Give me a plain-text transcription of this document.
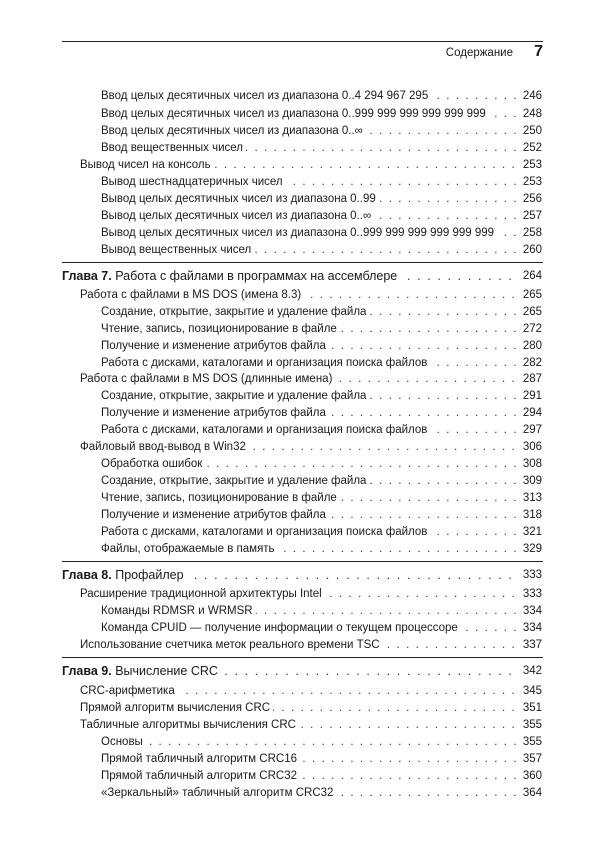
Содержание 7
Ввод целых десятичных чисел из диапазона 0..4 294 967 295 . . .	246
Ввод целых десятичных чисел из диапазона 0..999 999 999 999 999 999 . . .	248
Ввод целых десятичных чисел из диапазона 0..∞ . . .	250
Ввод вещественных чисел . . .	252
Вывод чисел на консоль . . .	253
Вывод шестнадцатеричных чисел . . .	253
Вывод целых десятичных чисел из диапазона 0..99 . . .	256
Вывод целых десятичных чисел из диапазона 0..∞ . . .	257
Вывод целых десятичных чисел из диапазона 0..999 999 999 999 999 999 . . .	258
Вывод вещественных чисел . . .	260
Глава 7. Работа с файлами в программах на ассемблере . . .	264
Работа с файлами в MS DOS (имена 8.3) . . .	265
Создание, открытие, закрытие и удаление файла . . .	265
Чтение, запись, позиционирование в файле . . .	272
Получение и изменение атрибутов файла . . .	280
Работа с дисками, каталогами и организация поиска файлов . . .	282
Работа с файлами в MS DOS (длинные имена) . . .	287
Создание, открытие, закрытие и удаление файла . . .	291
Получение и изменение атрибутов файла . . .	294
Работа с дисками, каталогами и организация поиска файлов . . .	297
Файловый ввод-вывод в Win32 . . .	306
Обработка ошибок . . .	308
Создание, открытие, закрытие и удаление файла . . .	309
Чтение, запись, позиционирование в файле . . .	313
Получение и изменение атрибутов файла . . .	318
Работа с дисками, каталогами и организация поиска файлов . . .	321
Файлы, отображаемые в память . . .	329
Глава 8. Профайлер . . .	333
Расширение традиционной архитектуры Intel . . .	333
Команды RDMSR и WRMSR . . .	334
Команда CPUID — получение информации о текущем процессоре . . .	334
Использование счетчика меток реального времени TSC . . .	337
Глава 9. Вычисление CRC . . .	342
CRC-арифметика . . .	345
Прямой алгоритм вычисления CRC . . .	351
Табличные алгоритмы вычисления CRC . . .	355
Основы . . .	355
Прямой табличный алгоритм CRC16 . . .	357
Прямой табличный алгоритм CRC32 . . .	360
«Зеркальный» табличный алгоритм CRC32 . . .	364
